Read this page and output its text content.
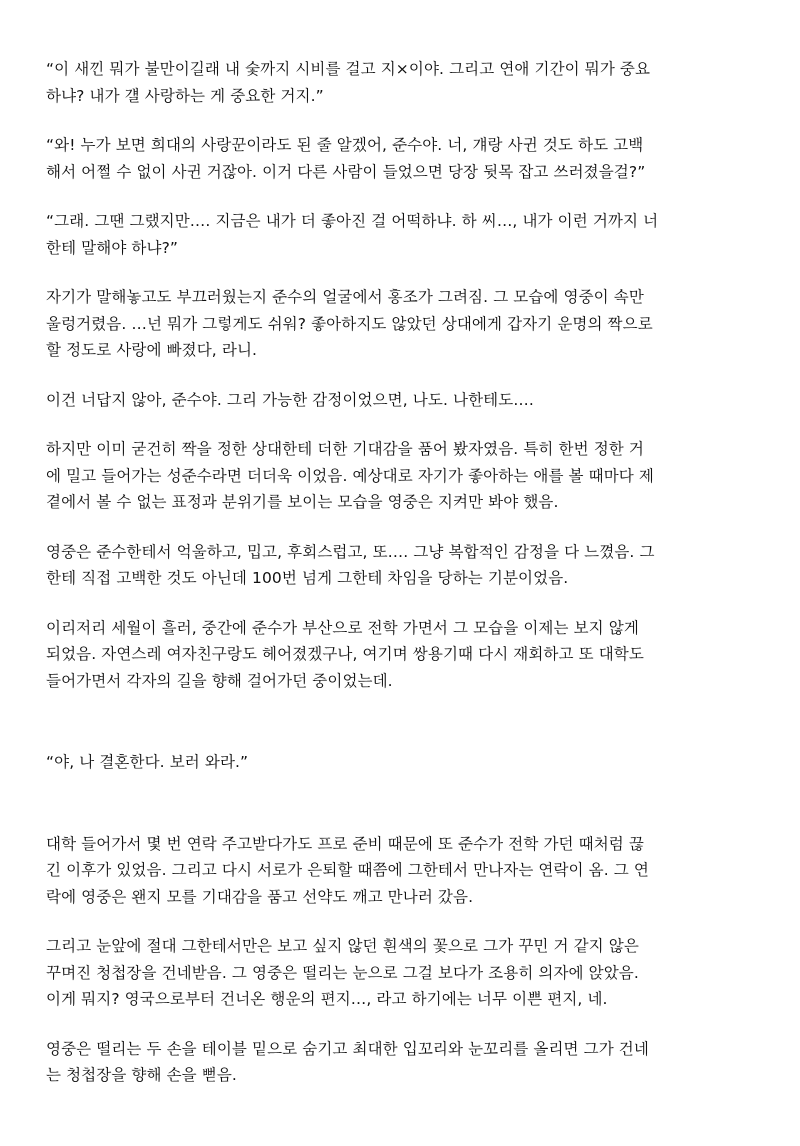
“이 새낀 뭐가 불만이길래 내 숯까지 시비를 걸고 지×이야. 그리고 연애 기간이 뭐가 중요
하냐? 내가 걜 사랑하는 게 중요한 거지.”

“와! 누가 보면 희대의 사랑꾼이라도 된 줄 알겠어, 준수야. 너, 걔랑 사귄 것도 하도 고백
해서 어쩔 수 없이 사귄 거잖아. 이거 다른 사람이 들었으면 당장 뒷목 잡고 쓰러졌을걸?”

“그래. 그땐 그랬지만…. 지금은 내가 더 좋아진 걸 어떡하냐. 하 씨…, 내가 이런 거까지 너
한테 말해야 하냐?”

자기가 말해놓고도 부끄러웠는지 준수의 얼굴에서 홍조가 그려짐. 그 모습에 영중이 속만
울렁거렸음. …넌 뭐가 그렇게도 쉬워? 좋아하지도 않았던 상대에게 갑자기 운명의 짝으로
할 정도로 사랑에 빠졌다, 라니.

이건 너답지 않아, 준수야. 그리 가능한 감정이었으면, 나도. 나한테도….

하지만 이미 굳건히 짝을 정한 상대한테 더한 기대감을 품어 봤자였음. 특히 한번 정한 거
에 밀고 들어가는 성준수라면 더더욱 이었음. 예상대로 자기가 좋아하는 애를 볼 때마다 제
곁에서 볼 수 없는 표정과 분위기를 보이는 모습을 영중은 지켜만 봐야 했음.

영중은 준수한테서 억울하고, 밉고, 후회스럽고, 또…. 그냥 복합적인 감정을 다 느꼈음. 그
한테 직접 고백한 것도 아닌데 100번 넘게 그한테 차임을 당하는 기분이었음.

이리저리 세월이 흘러, 중간에 준수가 부산으로 전학 가면서 그 모습을 이제는 보지 않게
되었음. 자연스레 여자친구랑도 헤어졌겠구나, 여기며 쌍용기때 다시 재회하고 또 대학도
들어가면서 각자의 길을 향해 걸어가던 중이었는데.

“야, 나 결혼한다. 보러 와라.”

대학 들어가서 몇 번 연락 주고받다가도 프로 준비 때문에 또 준수가 전학 가던 때처럼 끊
긴 이후가 있었음. 그리고 다시 서로가 은퇴할 때쯤에 그한테서 만나자는 연락이 옴. 그 연
락에 영중은 왠지 모를 기대감을 품고 선약도 깨고 만나러 갔음.

그리고 눈앞에 절대 그한테서만은 보고 싶지 않던 흰색의 꽃으로 그가 꾸민 거 같지 않은
꾸며진 청첩장을 건네받음. 그 영중은 떨리는 눈으로 그걸 보다가 조용히 의자에 앉았음.
이게 뭐지? 영국으로부터 건너온 행운의 편지…, 라고 하기에는 너무 이쁜 편지, 네.

영중은 떨리는 두 손을 테이블 밑으로 숨기고 최대한 입꼬리와 눈꼬리를 올리면 그가 건네
는 청첩장을 향해 손을 뻗음.
